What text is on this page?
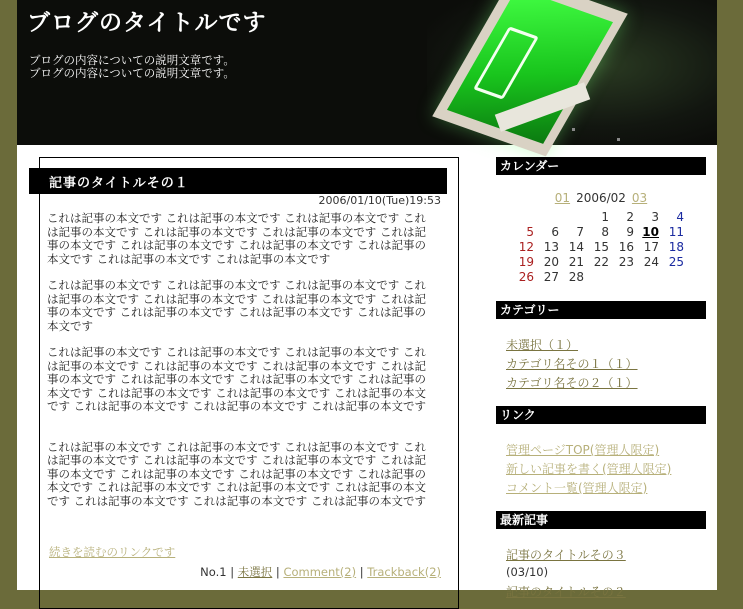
ブログのタイトルです
ブログの内容についての説明文章です。
ブログの内容についての説明文章です。
記事のタイトルその１
2006/01/10(Tue)19:53

これは記事の本文です これは記事の本文です これは記事の本文です これは記事の本文です これは記事の本文です これは記事の本文です これは記事の本文です これは記事の本文です これは記事の本文です これは記事の本文です これは記事の本文です これは記事の本文です

これは記事の本文です これは記事の本文です これは記事の本文です これは記事の本文です これは記事の本文です これは記事の本文です これは記事の本文です これは記事の本文です これは記事の本文です これは記事の本文です

これは記事の本文です これは記事の本文です これは記事の本文です これは記事の本文です これは記事の本文です これは記事の本文です これは記事の本文です これは記事の本文です これは記事の本文です これは記事の本文です これは記事の本文です これは記事の本文です これは記事の本文です これは記事の本文です これは記事の本文です これは記事の本文です

これは記事の本文です これは記事の本文です これは記事の本文です これは記事の本文です これは記事の本文です これは記事の本文です これは記事の本文です これは記事の本文です これは記事の本文です これは記事の本文です これは記事の本文です これは記事の本文です これは記事の本文です これは記事の本文です これは記事の本文です これは記事の本文です

続きを読むのリンクです
No.1 | 未選択 | Comment(2) | Trackback(2)
カレンダー
01 2006/02 03
			1	2	3	4
5	6	7	8	9	10	11
12	13	14	15	16	17	18
19	20	21	22	23	24	25
26	27	28				
カテゴリー
未選択（１）
カテゴリ名その１（１）
カテゴリ名その２（１）
リンク
管理ページTOP(管理人限定)
新しい記事を書く(管理人限定)
コメント一覧(管理人限定)
最新記事
記事のタイトルその３
(03/10)
記事のタイトルその２
